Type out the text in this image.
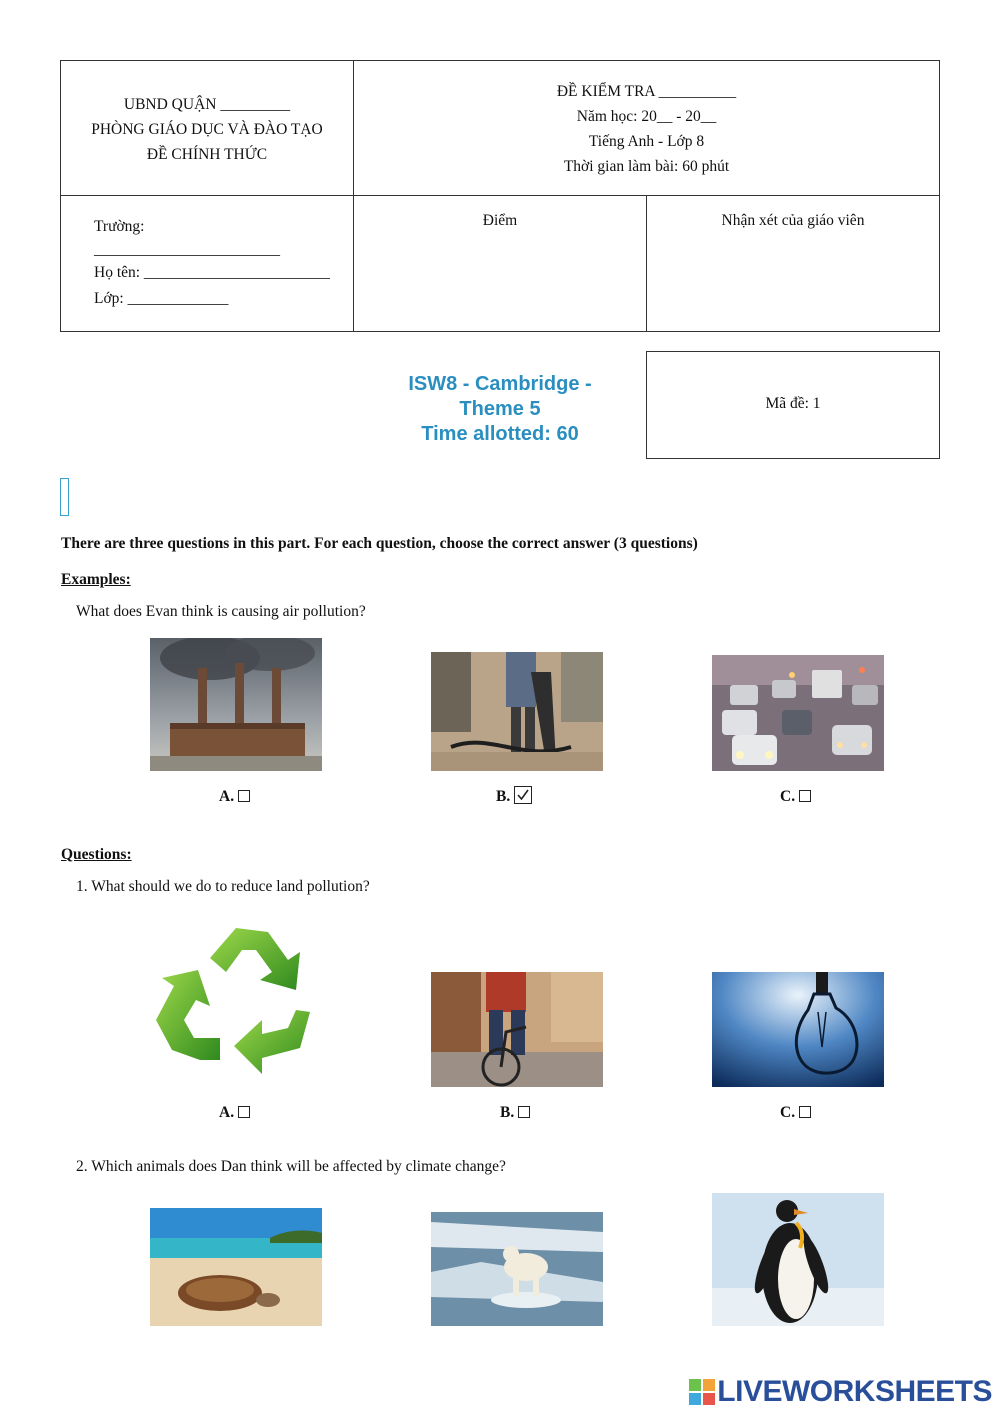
UBND QUẬN _________
PHÒNG GIÁO DỤC VÀ ĐÀO TẠO
ĐỀ CHÍNH THỨC
ĐỀ KIỂM TRA __________
Năm học: 20__ - 20__
Tiếng Anh - Lớp 8
Thời gian làm bài: 60 phút
Trường:
________________________
Họ tên: ________________________
Lớp: _____________
Điểm	Nhận xét của giáo viên
ISW8 - Cambridge -
Theme 5
Time allotted: 60
Mã đề: 1
There are three questions in this part. For each question, choose the correct answer (3 questions)
Examples:
What does Evan think is causing air pollution?
A.	B.	C.
Questions:
1. What should we do to reduce land pollution?
A.	B.	C.
2. Which animals does Dan think will be affected by climate change?
LIVEWORKSHEETS
